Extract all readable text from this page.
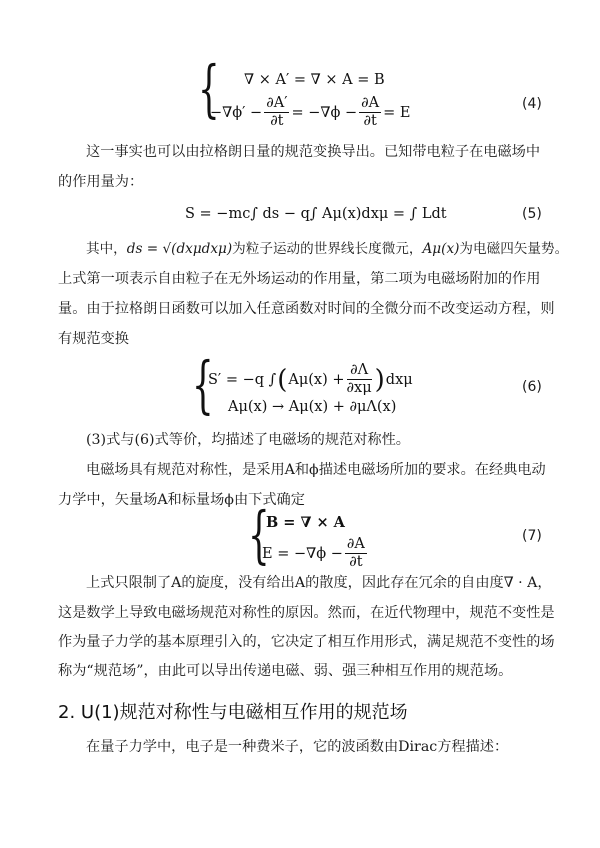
{ ∇ × A′ = ∇ × A = B
$-\nabla\phi' - \frac{\partial A'}{\partial t} = -\nabla\phi - \frac{\partial A}{\partial t} = E$
(4)
这一事实也可以由拉格朗日量的规范变换导出。已知带电粒子在电磁场中
的作用量为：
S = −mc∫ ds − q∫ Aμ(x)dxμ = ∫ Ldt	(5)
其中，ds = √(dxμdxμ)为粒子运动的世界线长度微元，Aμ(x)为电磁四矢量势。
上式第一项表示自由粒子在无外场运动的作用量，第二项为电磁场附加的作用
量。由于拉格朗日函数可以加入任意函数对时间的全微分而不改变运动方程，则
有规范变换
{
S′ = −q ∫ ( $A\mu(x) + \frac{\partial\Lambda}{\partial x\mu}$ ) dxμ
Aμ(x) → Aμ(x) + ∂μΛ(x)
(6)
(3)式与(6)式等价，均描述了电磁场的规范对称性。
电磁场具有规范对称性，是采用A和ϕ描述电磁场所加的要求。在经典电动
力学中，矢量场A和标量场ϕ由下式确定
{
B = ∇ × A
$E = -\nabla\phi - \frac{\partial A}{\partial t}$	(7)
上式只限制了A的旋度，没有给出A的散度，因此存在冗余的自由度∇ · A，
这是数学上导致电磁场规范对称性的原因。然而，在近代物理中，规范不变性是
作为量子力学的基本原理引入的，它决定了相互作用形式，满足规范不变性的场
称为“规范场”，由此可以导出传递电磁、弱、强三种相互作用的规范场。
2. U(1)规范对称性与电磁相互作用的规范场
在量子力学中，电子是一种费米子，它的波函数由Dirac方程描述：
